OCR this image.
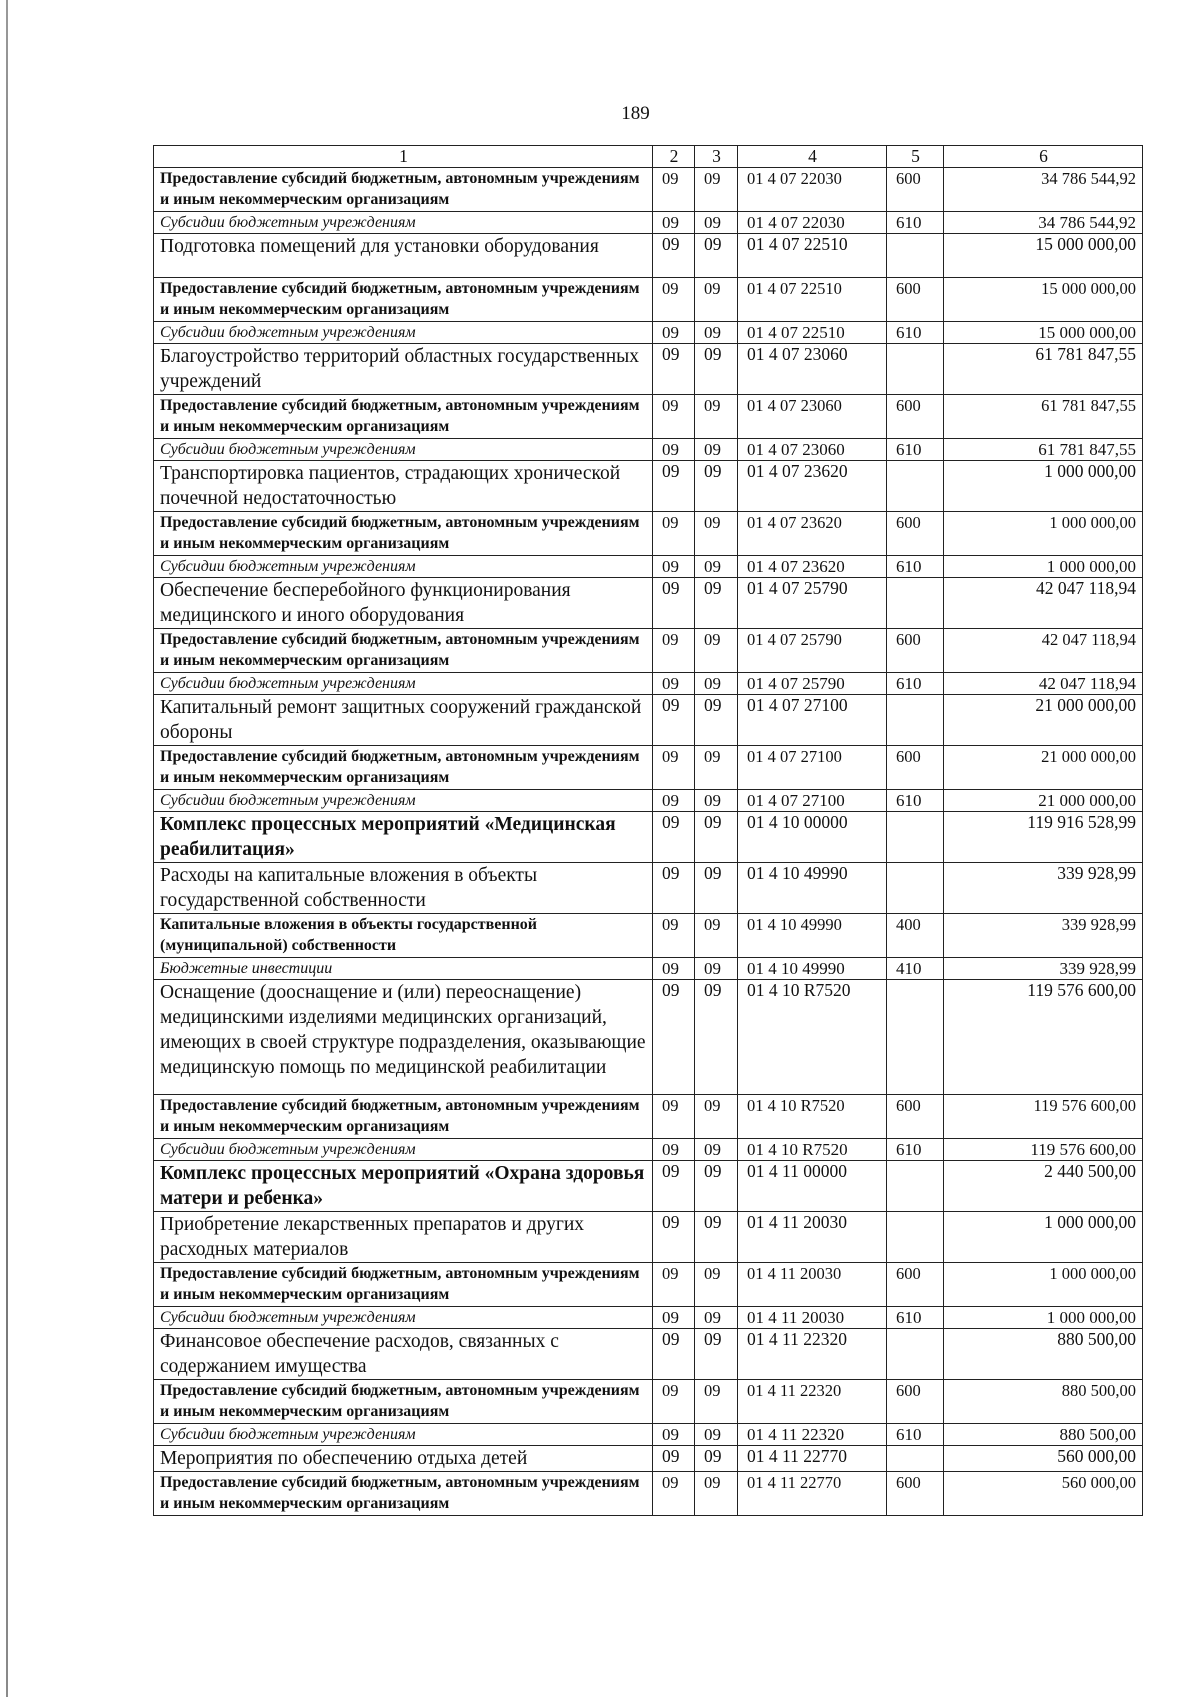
189
1	2	3	4	5	6
Предоставление субсидий бюджетным, автономным учреждениям и иным некоммерческим организациям	09	09	01 4 07 22030	600	34 786 544,92
Субсидии бюджетным учреждениям	09	09	01 4 07 22030	610	34 786 544,92
Подготовка помещений для установки оборудования	09	09	01 4 07 22510		15 000 000,00
Предоставление субсидий бюджетным, автономным учреждениям и иным некоммерческим организациям	09	09	01 4 07 22510	600	15 000 000,00
Субсидии бюджетным учреждениям	09	09	01 4 07 22510	610	15 000 000,00
Благоустройство территорий областных государственных учреждений	09	09	01 4 07 23060		61 781 847,55
Предоставление субсидий бюджетным, автономным учреждениям и иным некоммерческим организациям	09	09	01 4 07 23060	600	61 781 847,55
Субсидии бюджетным учреждениям	09	09	01 4 07 23060	610	61 781 847,55
Транспортировка пациентов, страдающих хронической почечной недостаточностью	09	09	01 4 07 23620		1 000 000,00
Предоставление субсидий бюджетным, автономным учреждениям и иным некоммерческим организациям	09	09	01 4 07 23620	600	1 000 000,00
Субсидии бюджетным учреждениям	09	09	01 4 07 23620	610	1 000 000,00
Обеспечение бесперебойного функционирования медицинского и иного оборудования	09	09	01 4 07 25790		42 047 118,94
Предоставление субсидий бюджетным, автономным учреждениям и иным некоммерческим организациям	09	09	01 4 07 25790	600	42 047 118,94
Субсидии бюджетным учреждениям	09	09	01 4 07 25790	610	42 047 118,94
Капитальный ремонт защитных сооружений гражданской обороны	09	09	01 4 07 27100		21 000 000,00
Предоставление субсидий бюджетным, автономным учреждениям и иным некоммерческим организациям	09	09	01 4 07 27100	600	21 000 000,00
Субсидии бюджетным учреждениям	09	09	01 4 07 27100	610	21 000 000,00
Комплекс процессных мероприятий «Медицинская реабилитация»	09	09	01 4 10 00000		119 916 528,99
Расходы на капитальные вложения в объекты государственной собственности	09	09	01 4 10 49990		339 928,99
Капитальные вложения в объекты государственной (муниципальной) собственности	09	09	01 4 10 49990	400	339 928,99
Бюджетные инвестиции	09	09	01 4 10 49990	410	339 928,99
Оснащение (дооснащение и (или) переоснащение) медицинскими изделиями медицинских организаций, имеющих в своей структуре подразделения, оказывающие медицинскую помощь по медицинской реабилитации	09	09	01 4 10 R7520		119 576 600,00
Предоставление субсидий бюджетным, автономным учреждениям и иным некоммерческим организациям	09	09	01 4 10 R7520	600	119 576 600,00
Субсидии бюджетным учреждениям	09	09	01 4 10 R7520	610	119 576 600,00
Комплекс процессных мероприятий «Охрана здоровья матери и ребенка»	09	09	01 4 11 00000		2 440 500,00
Приобретение лекарственных препаратов и других расходных материалов	09	09	01 4 11 20030		1 000 000,00
Предоставление субсидий бюджетным, автономным учреждениям и иным некоммерческим организациям	09	09	01 4 11 20030	600	1 000 000,00
Субсидии бюджетным учреждениям	09	09	01 4 11 20030	610	1 000 000,00
Финансовое обеспечение расходов, связанных с содержанием имущества	09	09	01 4 11 22320		880 500,00
Предоставление субсидий бюджетным, автономным учреждениям и иным некоммерческим организациям	09	09	01 4 11 22320	600	880 500,00
Субсидии бюджетным учреждениям	09	09	01 4 11 22320	610	880 500,00
Мероприятия по обеспечению отдыха детей	09	09	01 4 11 22770		560 000,00
Предоставление субсидий бюджетным, автономным учреждениям и иным некоммерческим организациям	09	09	01 4 11 22770	600	560 000,00
